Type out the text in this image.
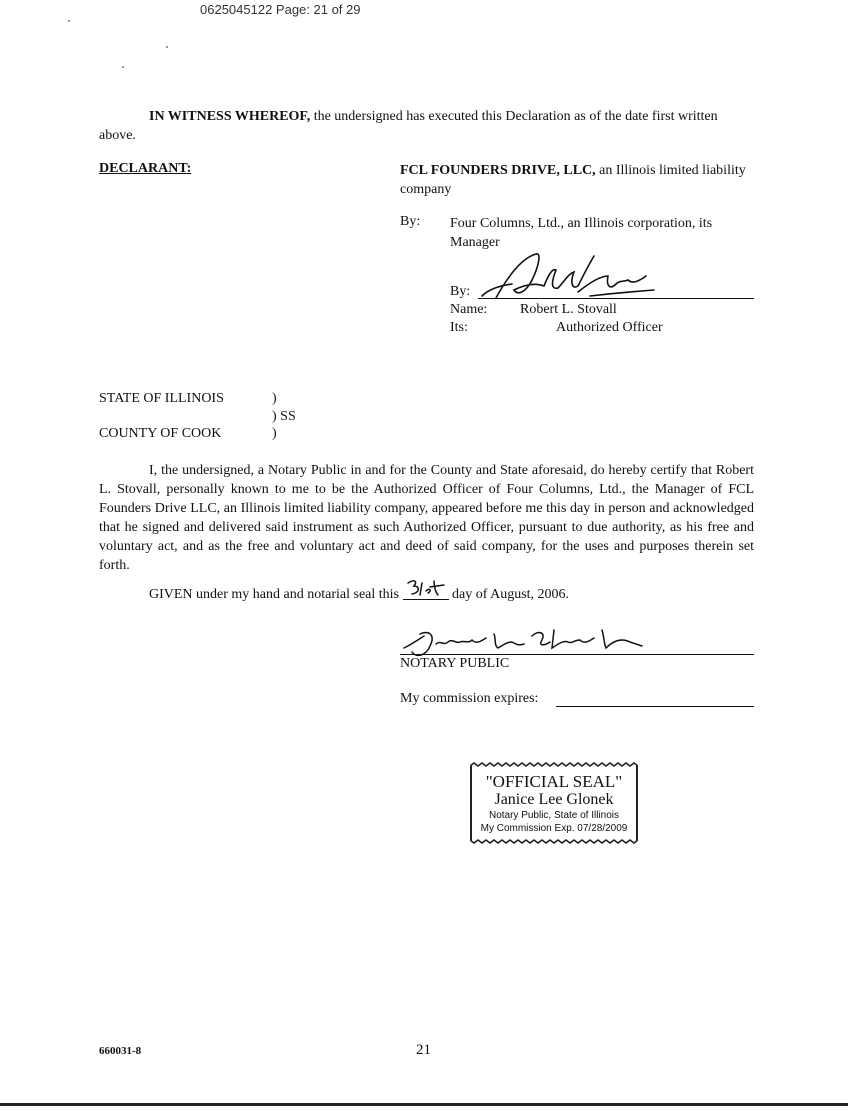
0625045122 Page: 21 of 29
IN WITNESS WHEREOF, the undersigned has executed this Declaration as of the date first written above.
DECLARANT:	FCL FOUNDERS DRIVE, LLC, an Illinois limited liability company
By: Four Columns, Ltd., an Illinois corporation, its Manager
By:
Name: Robert L. Stovall
Its:	Authorized Officer
STATE OF ILLINOIS	)
) SS
COUNTY OF COOK	)
I, the undersigned, a Notary Public in and for the County and State aforesaid, do hereby certify that Robert L. Stovall, personally known to me to be the Authorized Officer of Four Columns, Ltd., the Manager of FCL Founders Drive LLC, an Illinois limited liability company, appeared before me this day in person and acknowledged that he signed and delivered said instrument as such Authorized Officer, pursuant to due authority, as his free and voluntary act, and as the free and voluntary act and deed of said company, for the uses and purposes therein set forth.
GIVEN under my hand and notarial seal this	day of August, 2006.
NOTARY PUBLIC
My commission expires:
"OFFICIAL SEAL"
Janice Lee Glonek
Notary Public, State of Illinois
My Commission Exp. 07/28/2009
660031-8	21
